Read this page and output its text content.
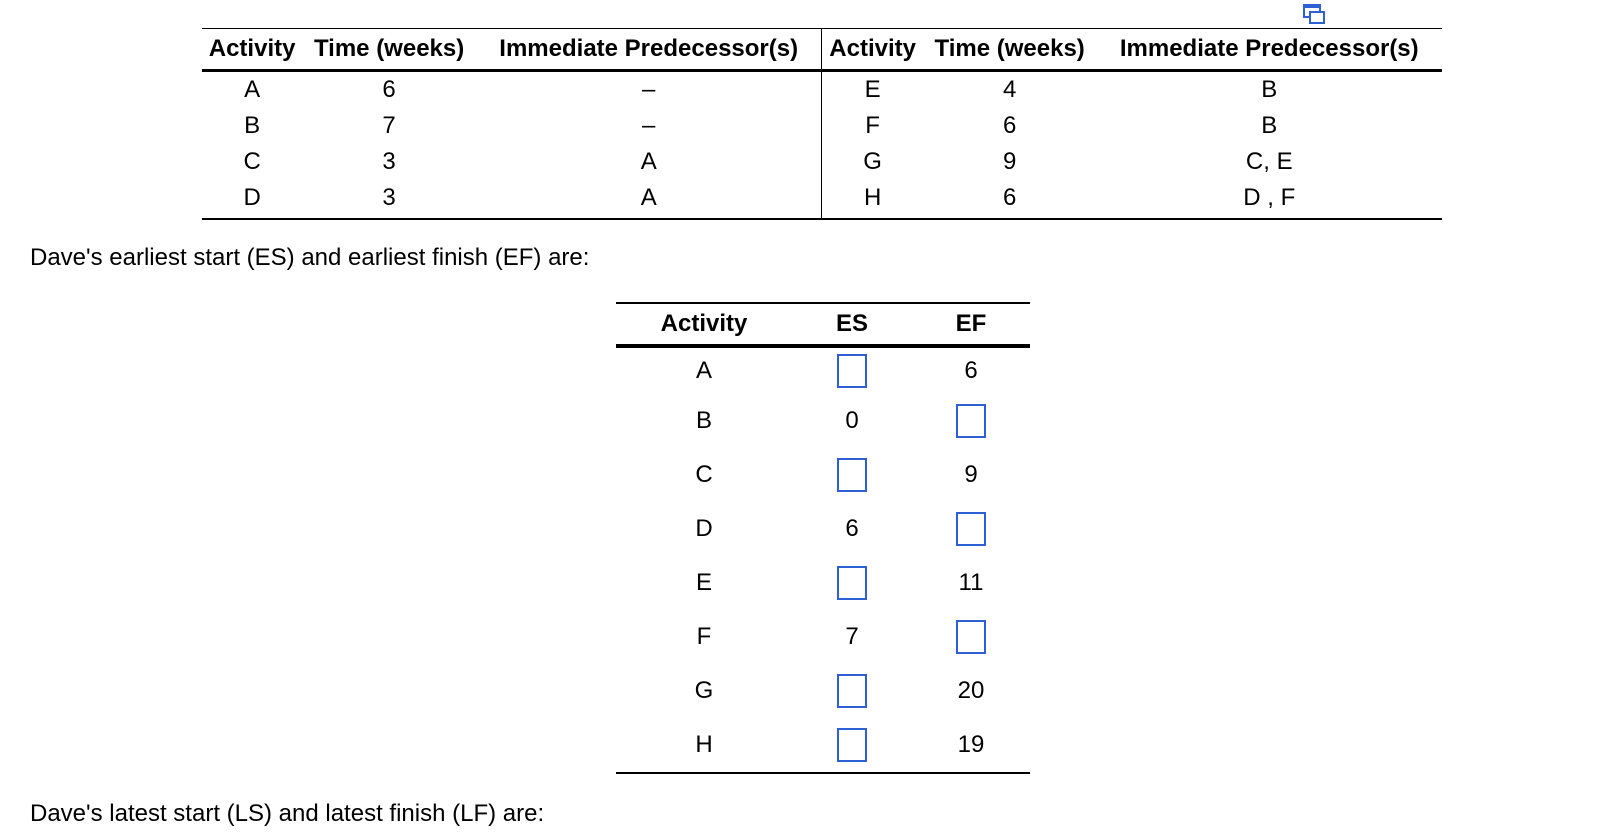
Activity	Time (weeks)	Immediate Predecessor(s)	Activity	Time (weeks)	Immediate Predecessor(s)
A	6	–	E	4	B
B	7	–	F	6	B
C	3	A	G	9	C, E
D	3	A	H	6	D , F
Dave's earliest start (ES) and earliest finish (EF) are:
Activity	ES	EF
A		6
B	0	
C		9
D	6	
E		11
F	7	
G		20
H		19
Dave's latest start (LS) and latest finish (LF) are:
